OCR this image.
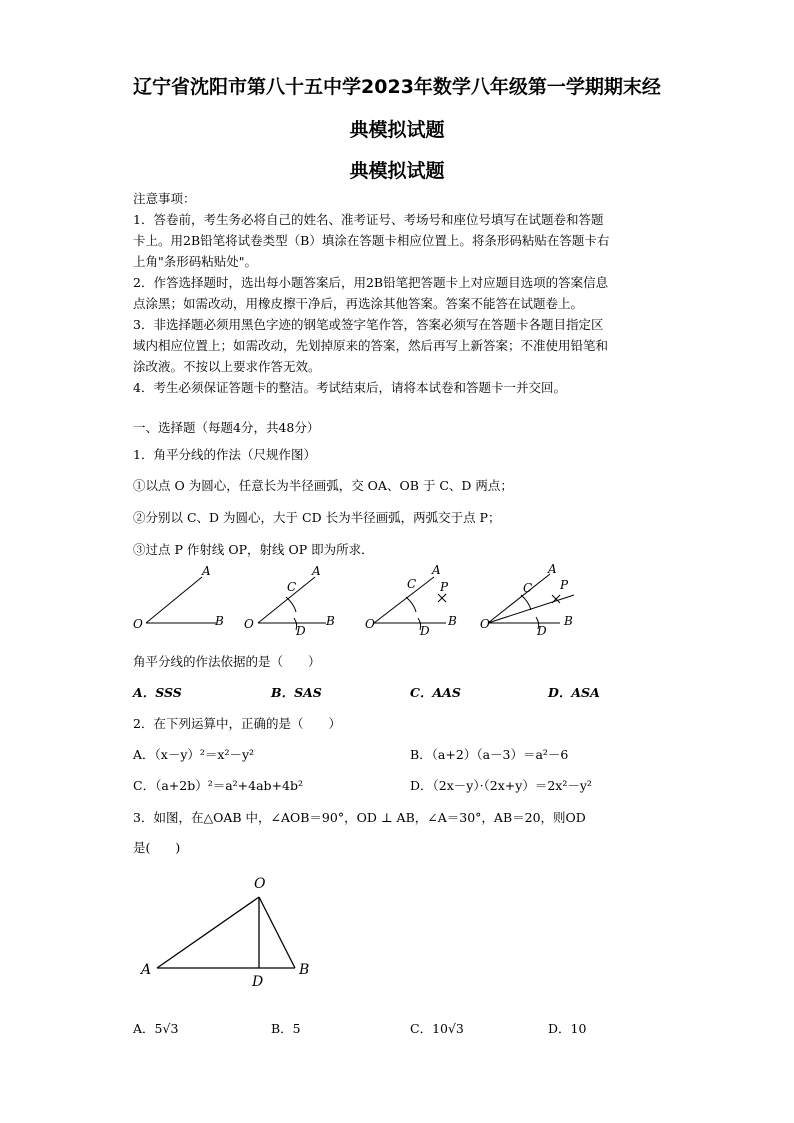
辽宁省沈阳市第八十五中学2023年数学八年级第一学期期末经
典模拟试题
典模拟试题
注意事项：
1．答卷前，考生务必将自己的姓名、准考证号、考场号和座位号填写在试题卷和答题
卡上。用2B铅笔将试卷类型（B）填涂在答题卡相应位置上。将条形码粘贴在答题卡右
上角"条形码粘贴处"。
2．作答选择题时，选出每小题答案后，用2B铅笔把答题卡上对应题目选项的答案信息
点涂黑；如需改动，用橡皮擦干净后，再选涂其他答案。答案不能答在试题卷上。
3．非选择题必须用黑色字迹的钢笔或签字笔作答，答案必须写在答题卡各题目指定区
域内相应位置上；如需改动，先划掉原来的答案，然后再写上新答案；不准使用铅笔和
涂改液。不按以上要求作答无效。
4．考生必须保证答题卡的整洁。考试结束后，请将本试卷和答题卡一并交回。
一、选择题（每题4分，共48分）
1．角平分线的作法（尺规作图）
①以点 O 为圆心，任意长为半径画弧，交 OA、OB 于 C、D 两点；
②分别以 C、D 为圆心，大于 CD 长为半径画弧，两弧交于点 P；
③过点 P 作射线 OP，射线 OP 即为所求．
O
A
B O
C
A
B
D	O
C
A
P
B
D	O
C
A
P
B
D
角平分线的作法依据的是（　　）
A．SSS	B．SAS	C．AAS	D．ASA
2．在下列运算中，正确的是（　　）
A．（x－y）²＝x²－y²	B．（a+2）（a－3）＝a²－6
C．（a+2b）²＝a²+4ab+4b²	D．（2x－y）·（2x+y）＝2x²－y²
3．如图，在△OAB 中，∠AOB＝90°，OD ⊥ AB，∠A＝30°，AB＝20，则OD
是(　　)
O
A	B
D
A．5√3	B．5	C．10√3	D．10
